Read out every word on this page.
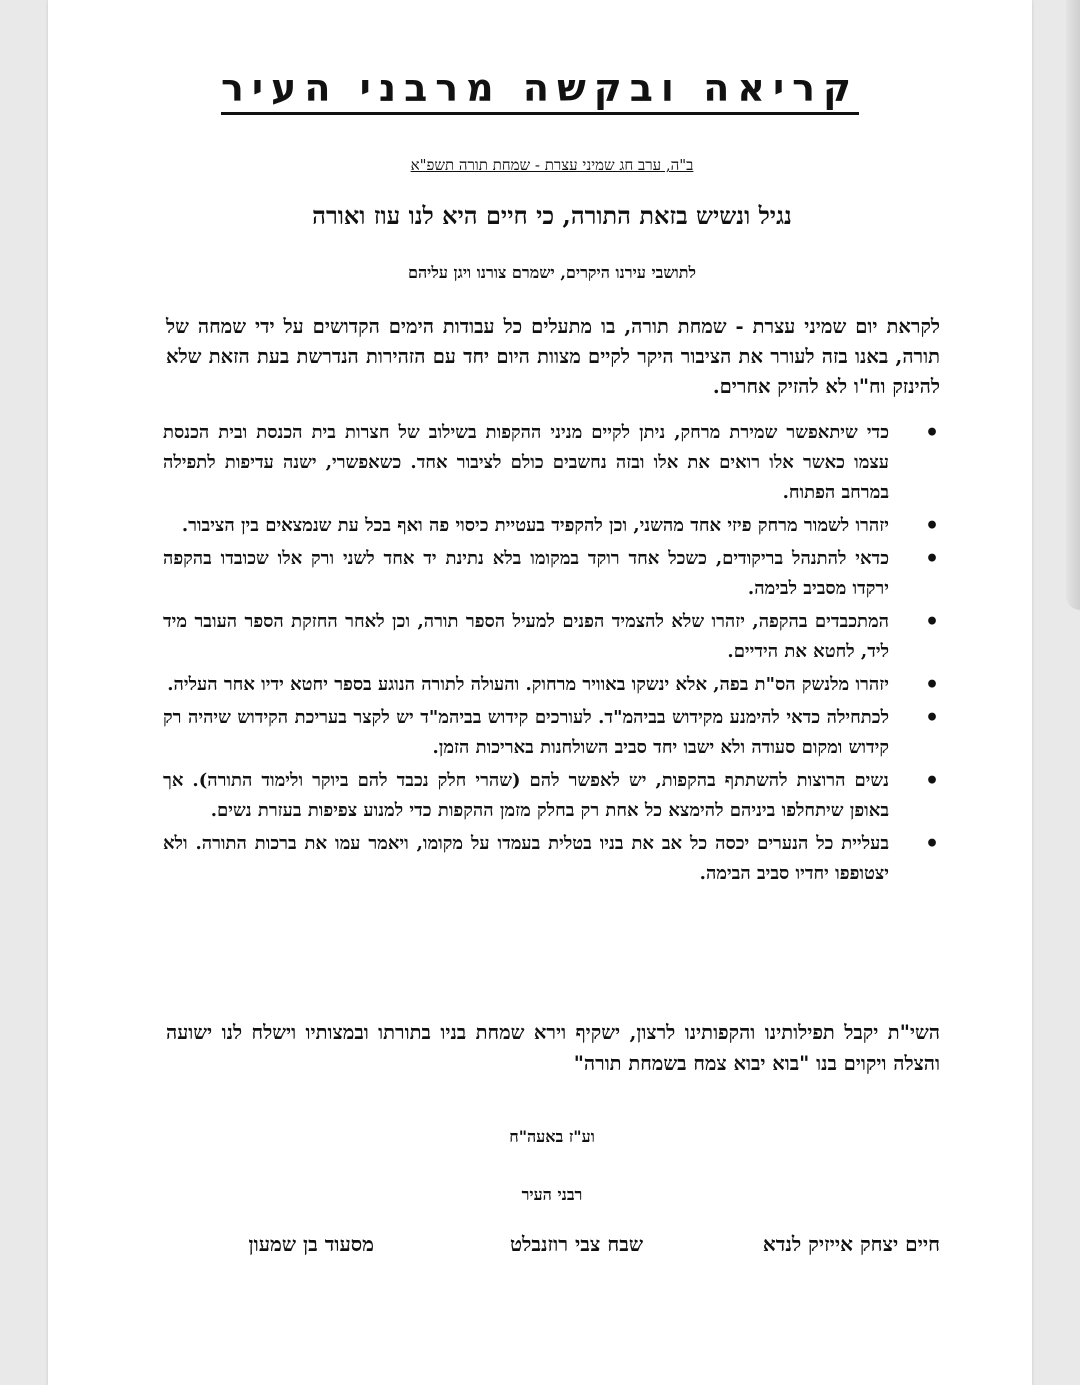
קריאה ובקשה מרבני העיר
ב"ה, ערב חג שמיני עצרת - שמחת תורה תשפ"א
נגיל ונשיש בזאת התורה, כי חיים היא לנו עוז ואורה
לתושבי עירנו היקרים, ישמרם צורנו ויגן עליהם
לקראת יום שמיני עצרת - שמחת תורה, בו מתעלים כל עבודות הימים הקדושים על ידי שמחה של תורה, באנו בזה לעורר את הציבור היקר לקיים מצוות היום יחד עם הזהירות הנדרשת בעת הזאת שלא להינזק וח"ו לא להזיק אחרים.
•
כדי שיתאפשר שמירת מרחק, ניתן לקיים מניני ההקפות בשילוב של חצרות בית הכנסת ובית הכנסת עצמו כאשר אלו רואים את אלו ובזה נחשבים כולם לציבור אחד. כשאפשרי, ישנה עדיפות לתפילה במרחב הפתוח.
•
יזהרו לשמור מרחק פיזי אחד מהשני, וכן להקפיד בעטיית כיסוי פה ואף בכל עת שנמצאים בין הציבור.
•
כדאי להתנהל בריקודים, כשכל אחד רוקד במקומו בלא נתינת יד אחד לשני ורק אלו שכובדו בהקפה ירקדו מסביב לבימה.
•
המתכבדים בהקפה, יזהרו שלא להצמיד הפנים למעיל הספר תורה, וכן לאחר החזקת הספר העובר מיד ליד, לחטא את הידיים.
•
יזהרו מלנשק הס"ת בפה, אלא ינשקו באוויר מרחוק. והעולה לתורה הנוגע בספר יחטא ידיו אחר העליה.
•
לכתחילה כדאי להימנע מקידוש בביהמ"ד. לעורכים קידוש בביהמ"ד יש לקצר בעריכת הקידוש שיהיה רק קידוש ומקום סעודה ולא ישבו יחד סביב השולחנות באריכות הזמן.
•
נשים הרוצות להשתתף בהקפות, יש לאפשר להם (שהרי חלק נכבד להם ביוקר ולימוד התורה). אך באופן שיתחלפו ביניהם להימצא כל אחת רק בחלק מזמן ההקפות כדי למנוע צפיפות בעזרת נשים.
•
בעליית כל הנערים יכסה כל אב את בניו בטלית בעמדו על מקומו, ויאמר עמו את ברכות התורה. ולא יצטופפו יחדיו סביב הבימה.
השי"ת יקבל תפילותינו והקפותינו לרצון, ישקיף וירא שמחת בניו בתורתו ובמצותיו וישלח לנו ישועה והצלה ויקוים בנו "בוא יבוא צמח בשמחת תורה"
וע"ז באעה"ח
רבני העיר
חיים יצחק אייזיק לנדא
שבח צבי רוזנבלט
מסעוד בן שמעון
